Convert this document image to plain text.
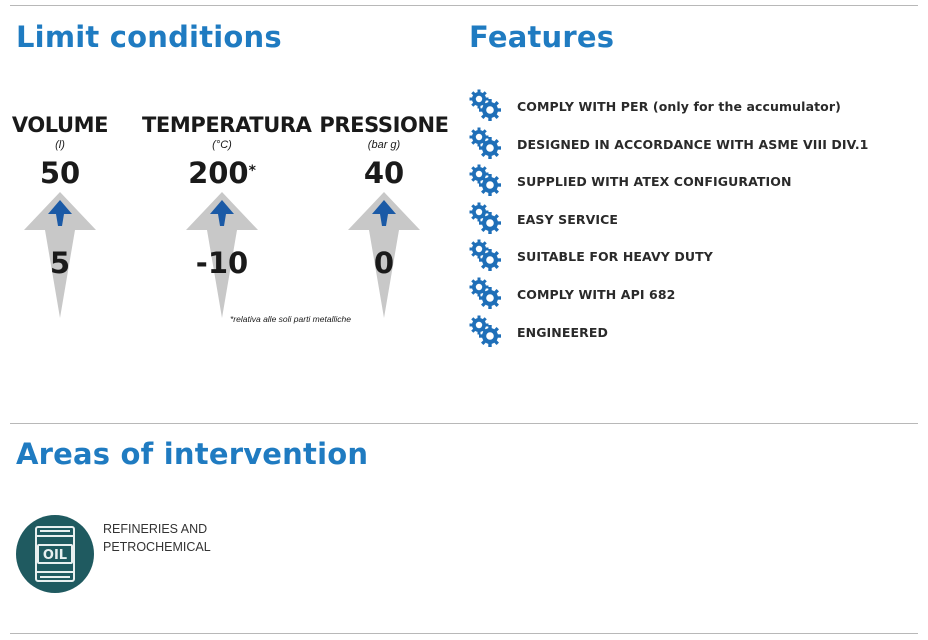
Limit conditions	Features
VOLUME
(l)
50
5
TEMPERATURA
(°C)
200*
-10
PRESSIONE
(bar g)
40
0
*relativa alle soli parti metalliche
COMPLY WITH PER (only for the accumulator)
DESIGNED IN ACCORDANCE WITH ASME VIII DIV.1
SUPPLIED WITH ATEX CONFIGURATION
EASY SERVICE
SUITABLE FOR HEAVY DUTY
COMPLY WITH API 682
ENGINEERED
Areas of intervention
OIL
REFINERIES AND PETROCHEMICAL
